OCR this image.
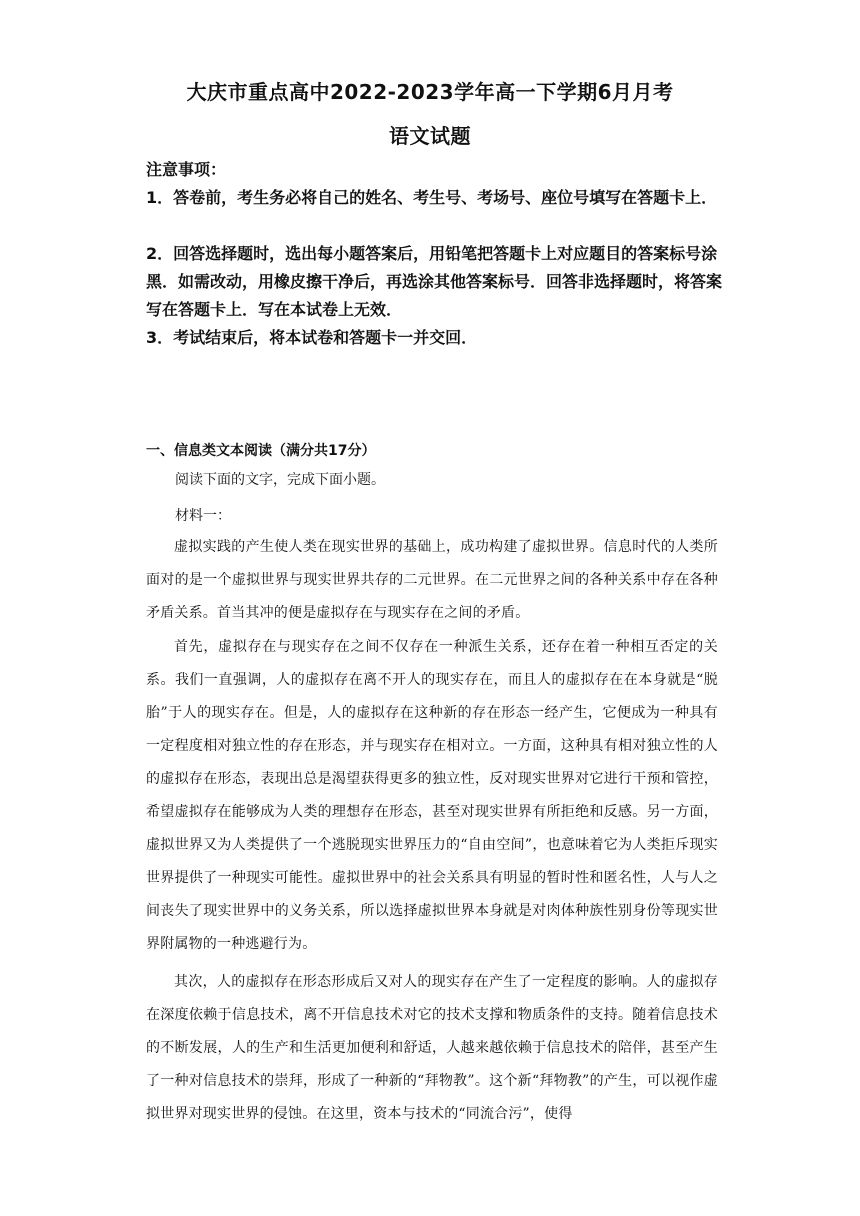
大庆市重点高中2022-2023学年高一下学期6月月考
语文试题
注意事项：
1．答卷前，考生务必将自己的姓名、考生号、考场号、座位号填写在答题卡上．
2．回答选择题时，选出每小题答案后，用铅笔把答题卡上对应题目的答案标号涂黑．如需改动，用橡皮擦干净后，再选涂其他答案标号．回答非选择题时，将答案写在答题卡上．写在本试卷上无效．
3．考试结束后，将本试卷和答题卡一并交回．
一、信息类文本阅读（满分共17分）
阅读下面的文字，完成下面小题。
材料一：
虚拟实践的产生使人类在现实世界的基础上，成功构建了虚拟世界。信息时代的人类所面对的是一个虚拟世界与现实世界共存的二元世界。在二元世界之间的各种关系中存在各种矛盾关系。首当其冲的便是虚拟存在与现实存在之间的矛盾。
首先，虚拟存在与现实存在之间不仅存在一种派生关系，还存在着一种相互否定的关系。我们一直强调，人的虚拟存在离不开人的现实存在，而且人的虚拟存在在本身就是“脱胎”于人的现实存在。但是，人的虚拟存在这种新的存在形态一经产生，它便成为一种具有一定程度相对独立性的存在形态，并与现实存在相对立。一方面，这种具有相对独立性的人的虚拟存在形态，表现出总是渴望获得更多的独立性，反对现实世界对它进行干预和管控，希望虚拟存在能够成为人类的理想存在形态，甚至对现实世界有所拒绝和反感。另一方面，虚拟世界又为人类提供了一个逃脱现实世界压力的“自由空间”，也意味着它为人类拒斥现实世界提供了一种现实可能性。虚拟世界中的社会关系具有明显的暂时性和匿名性，人与人之间丧失了现实世界中的义务关系，所以选择虚拟世界本身就是对肉体种族性别身份等现实世界附属物的一种逃避行为。
其次，人的虚拟存在形态形成后又对人的现实存在产生了一定程度的影响。人的虚拟存在深度依赖于信息技术，离不开信息技术对它的技术支撑和物质条件的支持。随着信息技术的不断发展，人的生产和生活更加便利和舒适，人越来越依赖于信息技术的陪伴，甚至产生了一种对信息技术的崇拜，形成了一种新的“拜物教”。这个新“拜物教”的产生，可以视作虚拟世界对现实世界的侵蚀。在这里，资本与技术的“同流合污”，使得
